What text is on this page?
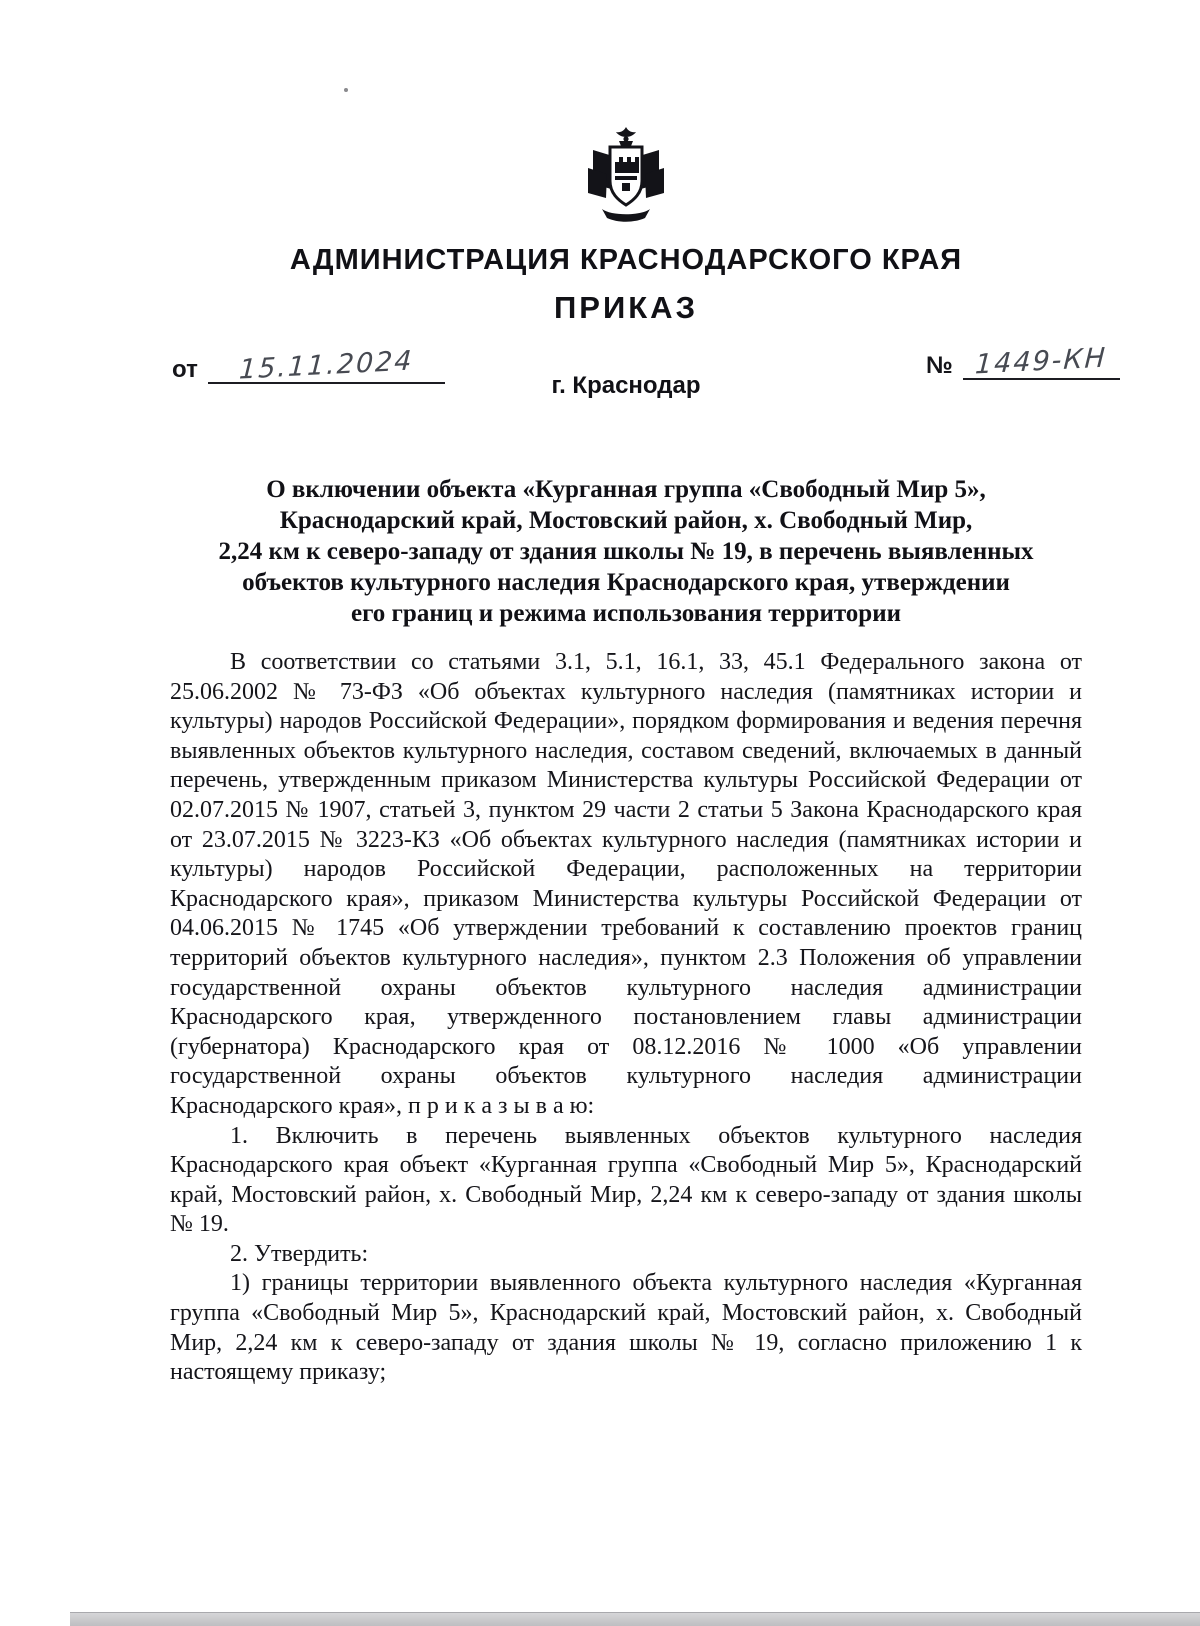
АДМИНИСТРАЦИЯ КРАСНОДАРСКОГО КРАЯ
ПРИКАЗ
от 15.11.2024	№ 1449-КН
г. Краснодар
О включении объекта «Курганная группа «Свободный Мир 5»,
Краснодарский край, Мостовский район, х. Свободный Мир,
2,24 км к северо-западу от здания школы № 19, в перечень выявленных
объектов культурного наследия Краснодарского края, утверждении
его границ и режима использования территории

В соответствии со статьями 3.1, 5.1, 16.1, 33, 45.1 Федерального закона от 25.06.2002 № 73-ФЗ «Об объектах культурного наследия (памятниках истории и культуры) народов Российской Федерации», порядком формирования и ведения перечня выявленных объектов культурного наследия, составом сведений, включаемых в данный перечень, утвержденным приказом Министерства культуры Российской Федерации от 02.07.2015 № 1907, статьей 3, пунктом 29 части 2 статьи 5 Закона Краснодарского края от 23.07.2015 № 3223-КЗ «Об объектах культурного наследия (памятниках истории и культуры) народов Российской Федерации, расположенных на территории Краснодарского края», приказом Министерства культуры Российской Федерации от 04.06.2015 № 1745 «Об утверждении требований к составлению проектов границ территорий объектов культурного наследия», пунктом 2.3 Положения об управлении государственной охраны объектов культурного наследия администрации Краснодарского края, утвержденного постановлением главы администрации (губернатора) Краснодарского края от 08.12.2016 № 1000 «Об управлении государственной охраны объектов культурного наследия администрации Краснодарского края», п р и к а з ы в а ю:

1. Включить в перечень выявленных объектов культурного наследия Краснодарского края объект «Курганная группа «Свободный Мир 5», Краснодарский край, Мостовский район, х. Свободный Мир, 2,24 км к северо-западу от здания школы № 19.

2. Утвердить:

1) границы территории выявленного объекта культурного наследия «Курганная группа «Свободный Мир 5», Краснодарский край, Мостовский район, х. Свободный Мир, 2,24 км к северо-западу от здания школы № 19, согласно приложению 1 к настоящему приказу;
